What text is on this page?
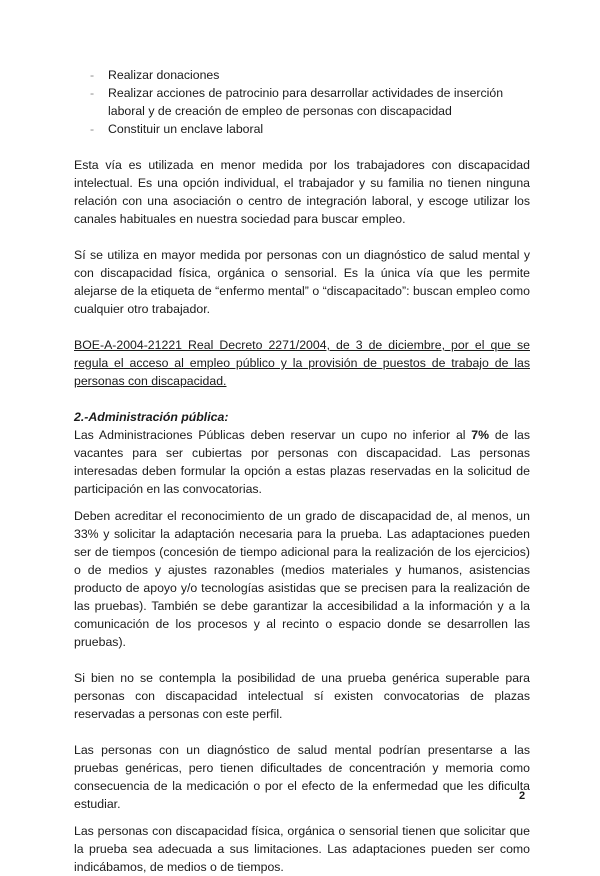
- Realizar donaciones
- Realizar acciones de patrocinio para desarrollar actividades de inserción laboral y de creación de empleo de personas con discapacidad
- Constituir un enclave laboral

Esta vía es utilizada en menor medida por los trabajadores con discapacidad intelectual. Es una opción individual, el trabajador y su familia no tienen ninguna relación con una asociación o centro de integración laboral, y escoge utilizar los canales habituales en nuestra sociedad para buscar empleo.

Sí se utiliza en mayor medida por personas con un diagnóstico de salud mental y con discapacidad física, orgánica o sensorial. Es la única vía que les permite alejarse de la etiqueta de “enfermo mental” o “discapacitado”: buscan empleo como cualquier otro trabajador.

BOE-A-2004-21221 Real Decreto 2271/2004, de 3 de diciembre, por el que se regula el acceso al empleo público y la provisión de puestos de trabajo de las personas con discapacidad.

2.-Administración pública:

Las Administraciones Públicas deben reservar un cupo no inferior al 7% de las vacantes para ser cubiertas por personas con discapacidad. Las personas interesadas deben formular la opción a estas plazas reservadas en la solicitud de participación en las convocatorias.

Deben acreditar el reconocimiento de un grado de discapacidad de, al menos, un 33% y solicitar la adaptación necesaria para la prueba. Las adaptaciones pueden ser de tiempos (concesión de tiempo adicional para la realización de los ejercicios) o de medios y ajustes razonables (medios materiales y humanos, asistencias producto de apoyo y/o tecnologías asistidas que se precisen para la realización de las pruebas). También se debe garantizar la accesibilidad a la información y a la comunicación de los procesos y al recinto o espacio donde se desarrollen las pruebas).

Si bien no se contempla la posibilidad de una prueba genérica superable para personas con discapacidad intelectual sí existen convocatorias de plazas reservadas a personas con este perfil.

Las personas con un diagnóstico de salud mental podrían presentarse a las pruebas genéricas, pero tienen dificultades de concentración y memoria como consecuencia de la medicación o por el efecto de la enfermedad que les dificulta estudiar.

Las personas con discapacidad física, orgánica o sensorial tienen que solicitar que la prueba sea adecuada a sus limitaciones. Las adaptaciones pueden ser como indicábamos, de medios o de tiempos.

2
